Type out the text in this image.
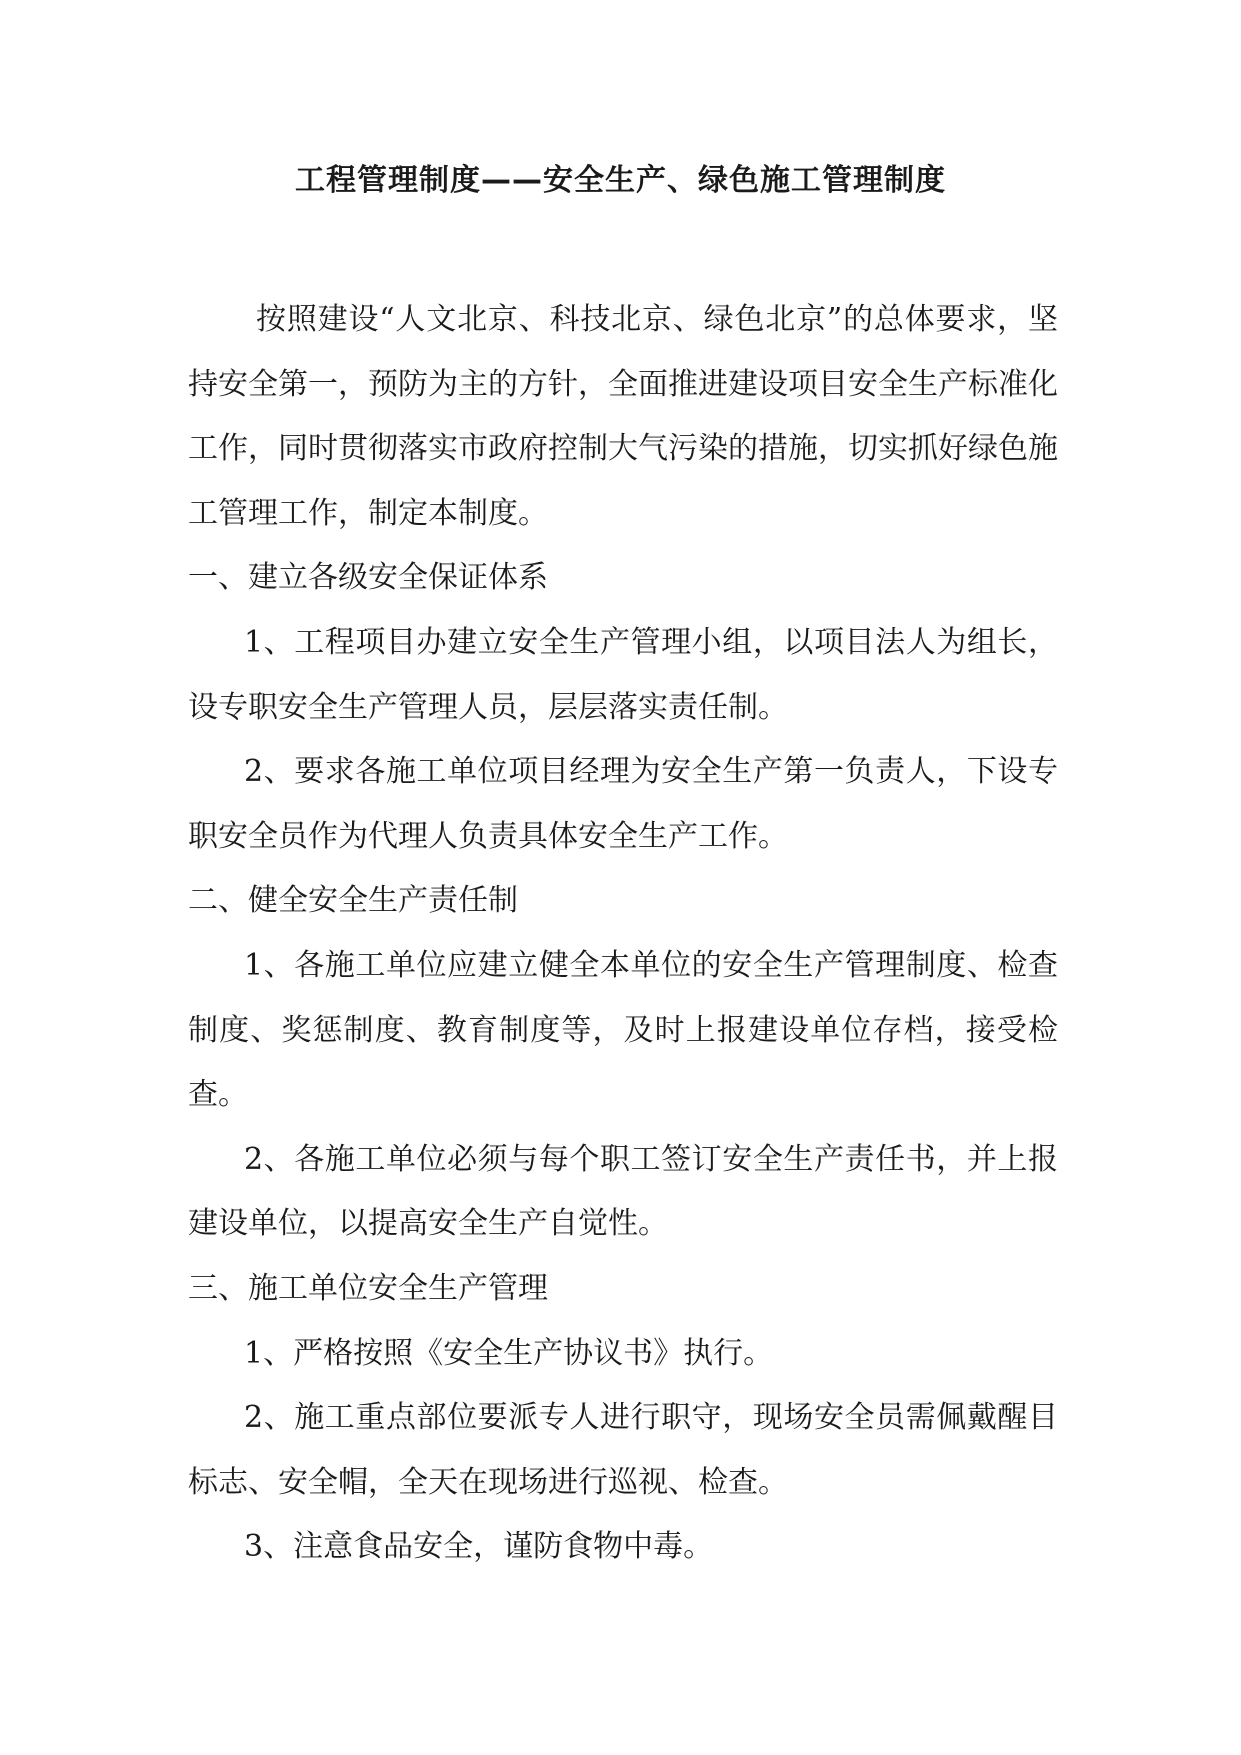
工程管理制度——安全生产、绿色施工管理制度

按照建设“人文北京、科技北京、绿色北京”的总体要求，坚持安全第一，预防为主的方针，全面推进建设项目安全生产标准化工作，同时贯彻落实市政府控制大气污染的措施，切实抓好绿色施工管理工作，制定本制度。

一、建立各级安全保证体系

1、工程项目办建立安全生产管理小组，以项目法人为组长，设专职安全生产管理人员，层层落实责任制。

2、要求各施工单位项目经理为安全生产第一负责人，下设专职安全员作为代理人负责具体安全生产工作。

二、健全安全生产责任制

1、各施工单位应建立健全本单位的安全生产管理制度、检查制度、奖惩制度、教育制度等，及时上报建设单位存档，接受检查。

2、各施工单位必须与每个职工签订安全生产责任书，并上报建设单位，以提高安全生产自觉性。

三、施工单位安全生产管理

1、严格按照《安全生产协议书》执行。

2、施工重点部位要派专人进行职守，现场安全员需佩戴醒目标志、安全帽，全天在现场进行巡视、检查。

3、注意食品安全，谨防食物中毒。
